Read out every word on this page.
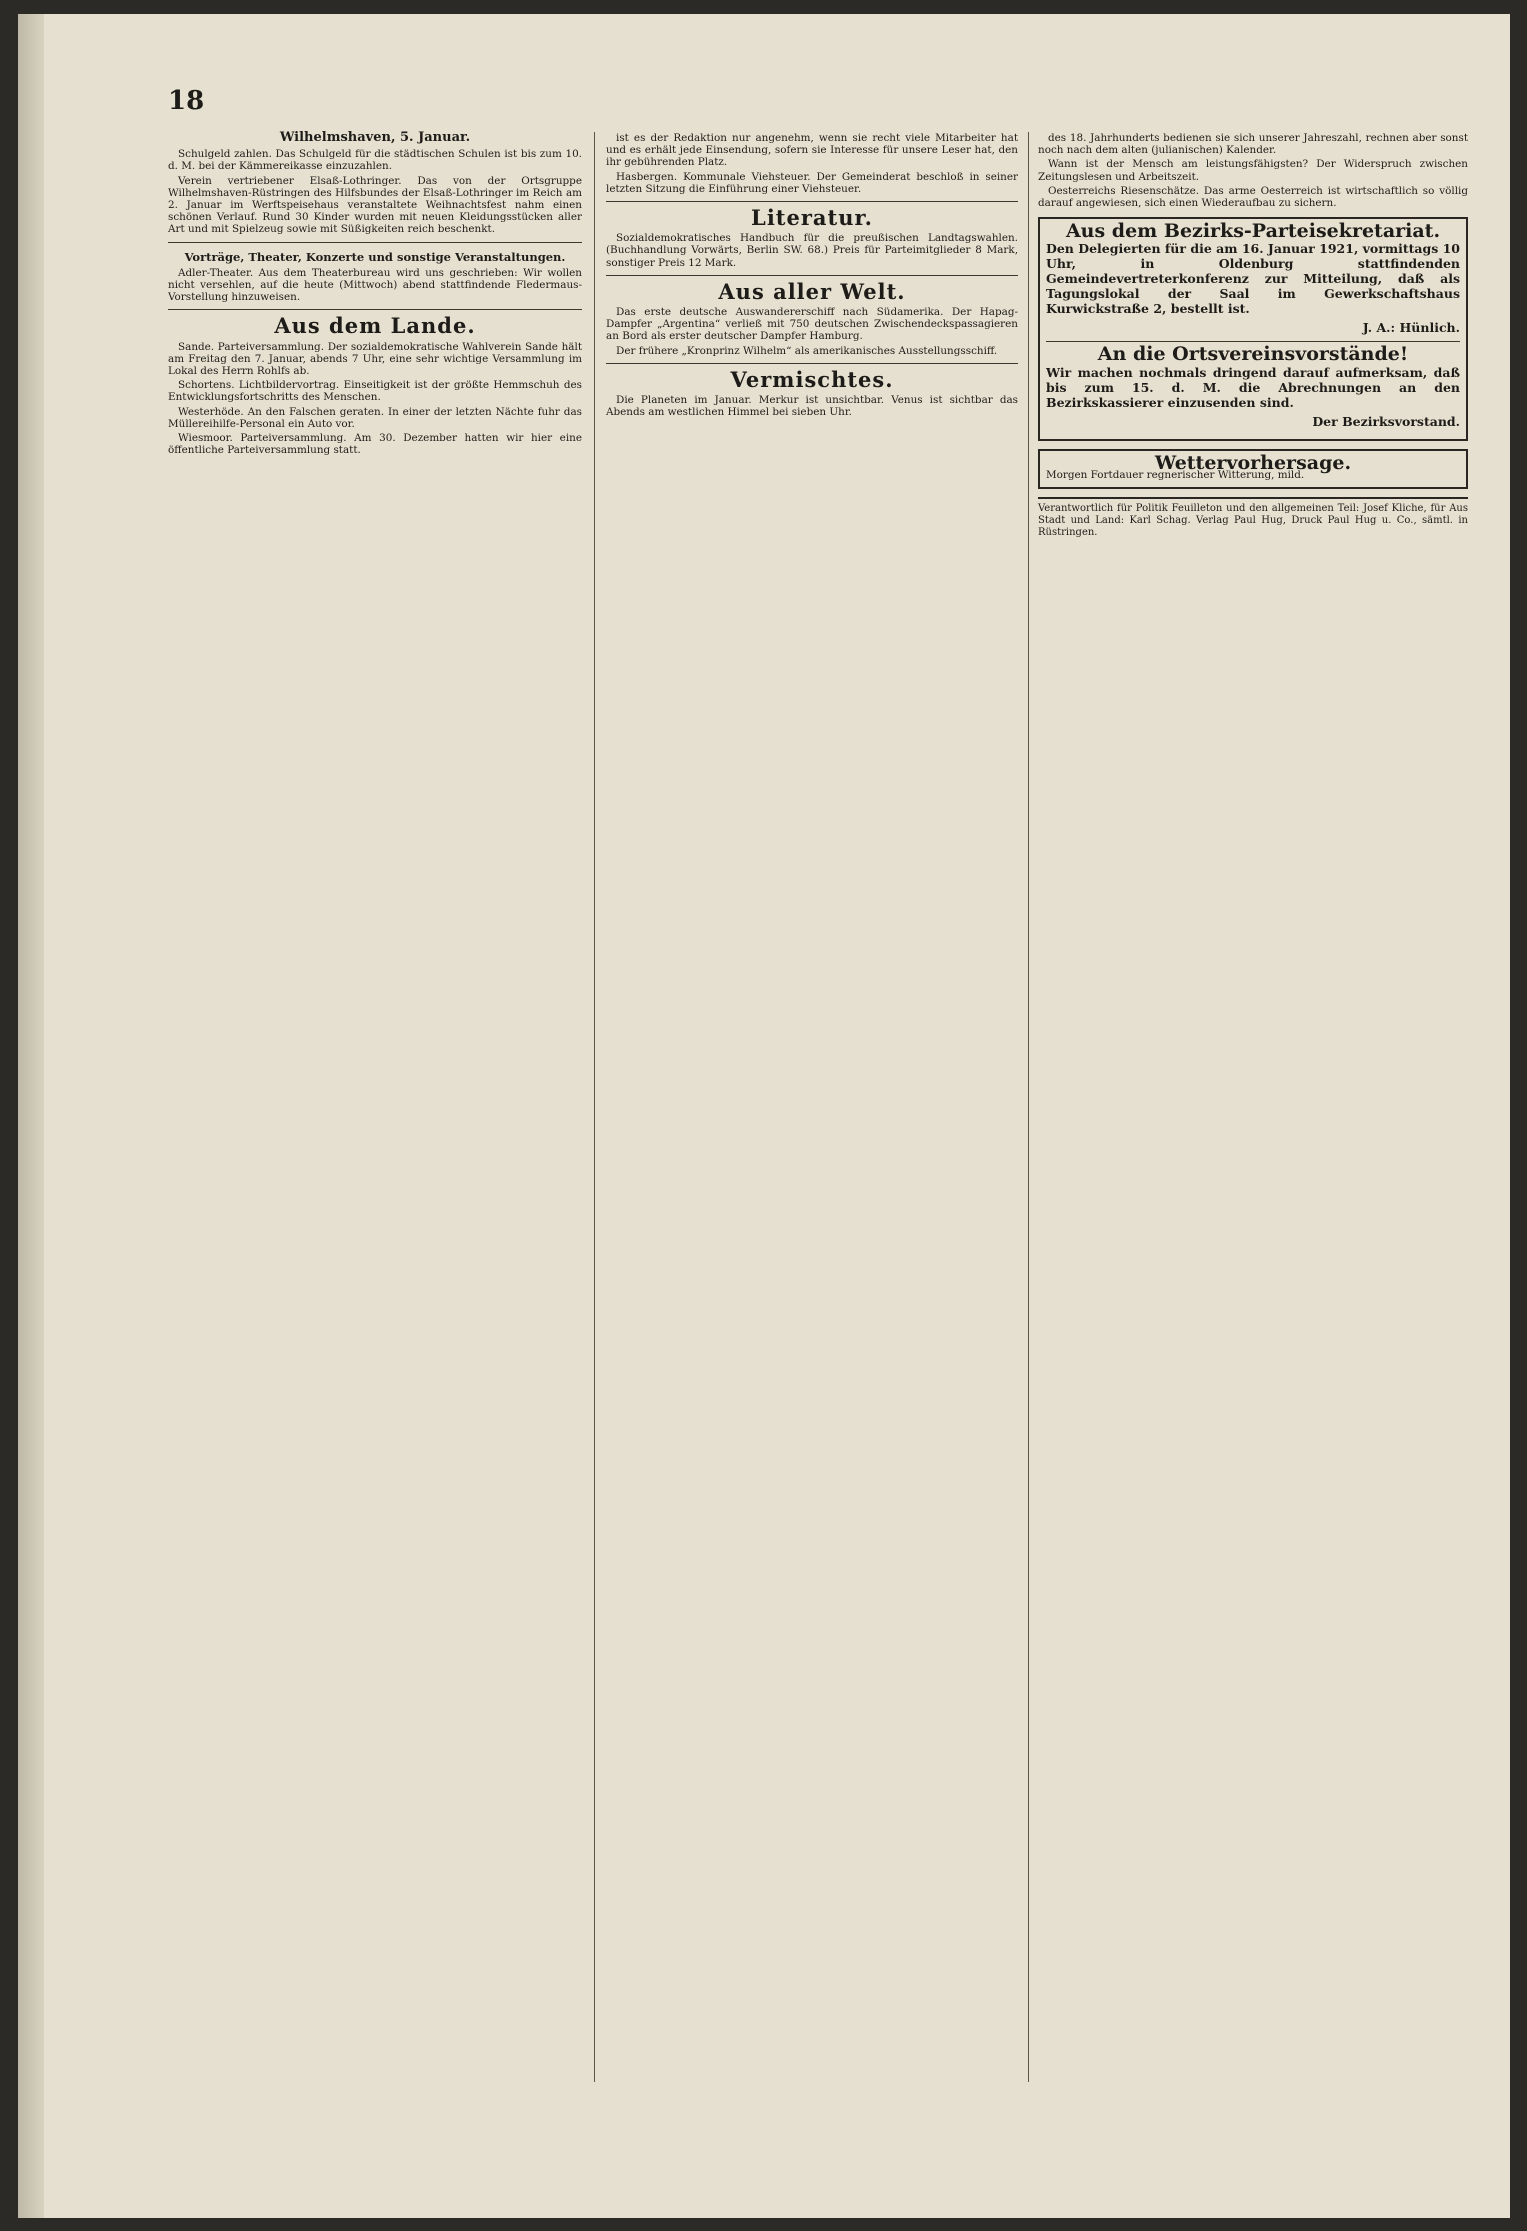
18
Wilhelmshaven, 5. Januar.

Schulgeld zahlen. Das Schulgeld für die städtischen Schulen ist bis zum 10. d. M. bei der Kämmereikasse einzuzahlen.

Verein vertriebener Elsaß-Lothringer. Das von der Ortsgruppe Wilhelmshaven-Rüstringen des Hilfsbundes der Elsaß-Lothringer im Reich am 2. Januar im Werftspeisehaus veranstaltete Weihnachtsfest nahm einen schönen Verlauf. Rund 30 Kinder wurden mit neuen Kleidungsstücken aller Art und mit Spielzeug sowie mit Süßigkeiten reich beschenkt.

Vorträge, Theater, Konzerte und sonstige Veranstaltungen.

Adler-Theater. Aus dem Theaterbureau wird uns geschrieben: Wir wollen nicht versehlen, auf die heute (Mittwoch) abend stattfindende Fledermaus-Vorstellung hinzuweisen.

Aus dem Lande.

Sande. Parteiversammlung. Der sozialdemokratische Wahlverein Sande hält am Freitag den 7. Januar, abends 7 Uhr, eine sehr wichtige Versammlung im Lokal des Herrn Rohlfs ab.

Schortens. Lichtbildervortrag. Einseitigkeit ist der größte Hemmschuh des Entwicklungsfortschritts des Menschen.

Westerhöde. An den Falschen geraten. In einer der letzten Nächte fuhr das Müllereihilfe-Personal ein Auto vor.

Wiesmoor. Parteiversammlung. Am 30. Dezember hatten wir hier eine öffentliche Parteiversammlung statt.

ist es der Redaktion nur angenehm, wenn sie recht viele Mitarbeiter hat und es erhält jede Einsendung, sofern sie Interesse für unsere Leser hat, den ihr gebührenden Platz.

Hasbergen. Kommunale Viehsteuer. Der Gemeinderat beschloß in seiner letzten Sitzung die Einführung einer Viehsteuer.

Literatur.

Sozialdemokratisches Handbuch für die preußischen Landtagswahlen. (Buchhandlung Vorwärts, Berlin SW. 68.) Preis für Parteimitglieder 8 Mark, sonstiger Preis 12 Mark.

Aus aller Welt.

Das erste deutsche Auswandererschiff nach Südamerika. Der Hapag-Dampfer „Argentina“ verließ mit 750 deutschen Zwischendeckspassagieren an Bord als erster deutscher Dampfer Hamburg.

Der frühere „Kronprinz Wilhelm“ als amerikanisches Ausstellungsschiff.

Vermischtes.

Die Planeten im Januar. Merkur ist unsichtbar. Venus ist sichtbar das Abends am westlichen Himmel bei sieben Uhr.

des 18. Jahrhunderts bedienen sie sich unserer Jahreszahl, rechnen aber sonst noch nach dem alten (julianischen) Kalender.

Wann ist der Mensch am leistungsfähigsten? Der Widerspruch zwischen Zeitungslesen und Arbeitszeit.

Oesterreichs Riesenschätze. Das arme Oesterreich ist wirtschaftlich so völlig darauf angewiesen, sich einen Wiederaufbau zu sichern.

Aus dem Bezirks-Parteisekretariat.
Den Delegierten für die am 16. Januar 1921, vormittags 10 Uhr, in Oldenburg stattfindenden Gemeindevertreterkonferenz zur Mitteilung, daß als Tagungslokal der Saal im Gewerkschaftshaus Kurwickstraße 2, bestellt ist.
J. A.: Hünlich.
An die Ortsvereinsvorstände!
Wir machen nochmals dringend darauf aufmerksam, daß bis zum 15. d. M. die Abrechnungen an den Bezirkskassierer einzusenden sind.
Der Bezirksvorstand.
Wettervorhersage.
Morgen Fortdauer regnerischer Witterung, mild.
Verantwortlich für Politik Feuilleton und den allgemeinen Teil: Josef Kliche, für Aus Stadt und Land: Karl Schag. Verlag Paul Hug, Druck Paul Hug u. Co., sämtl. in Rüstringen.
